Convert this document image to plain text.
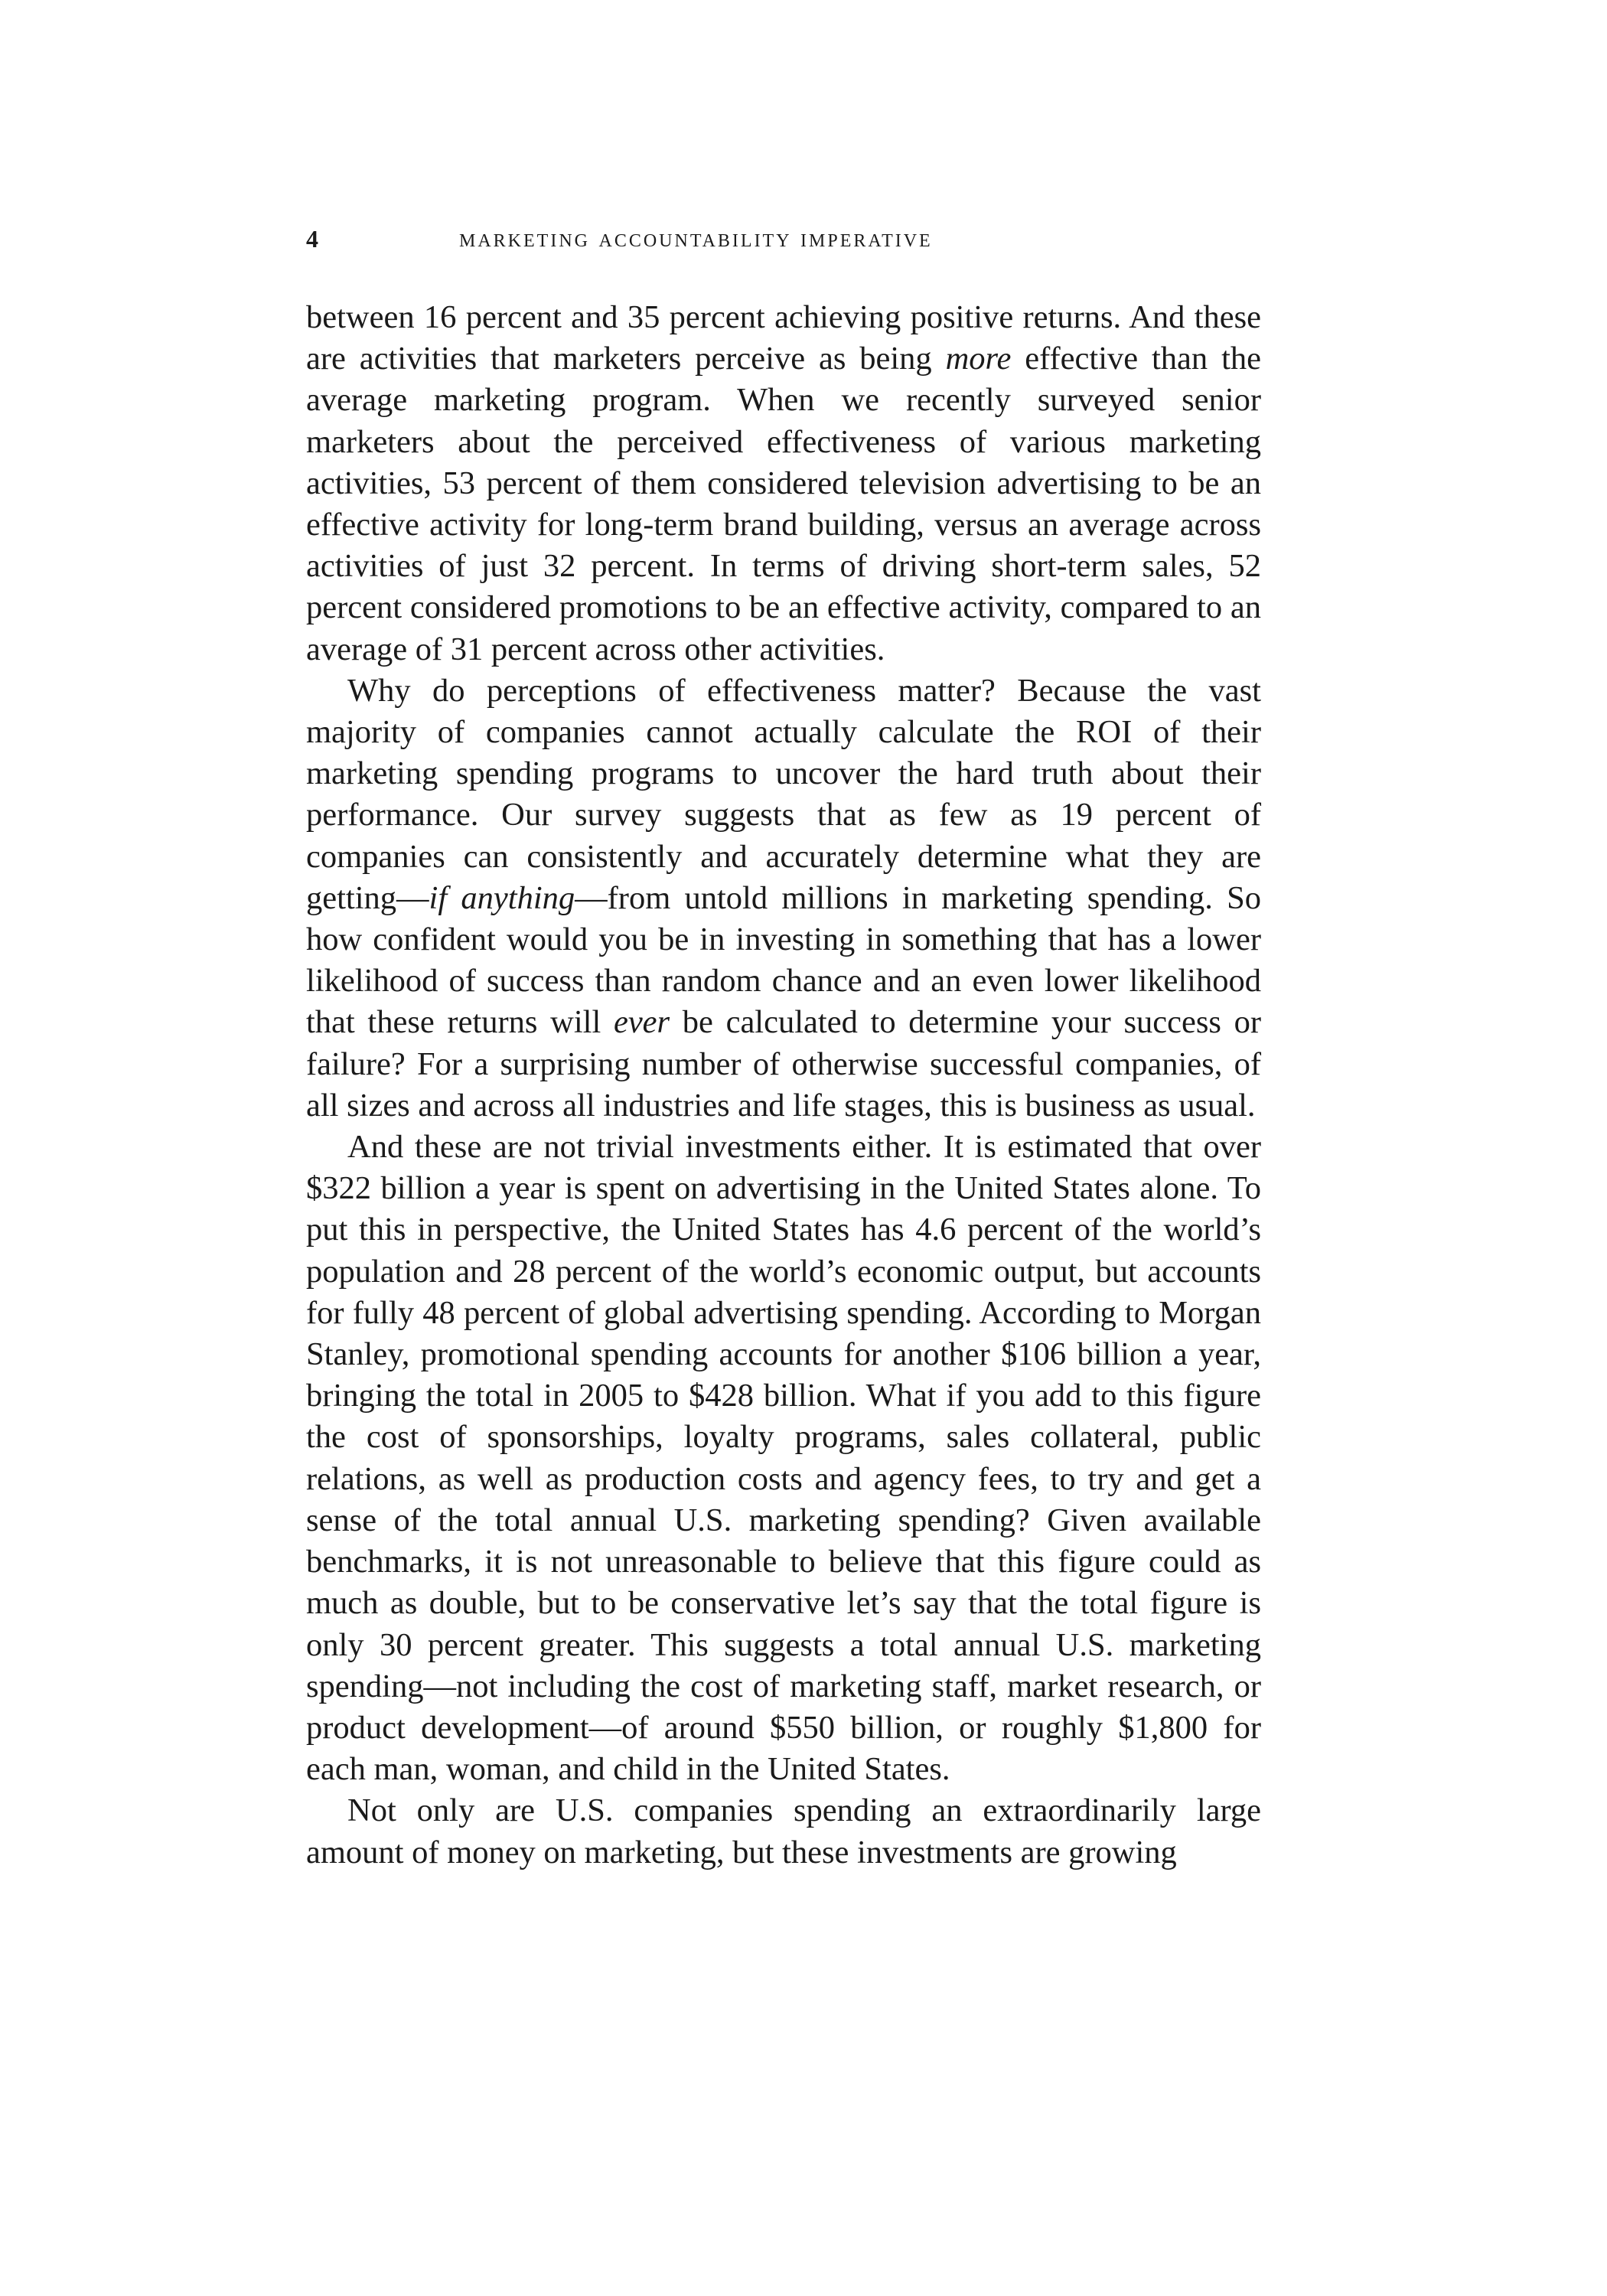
4	marketing accountability imperative

between 16 percent and 35 percent achieving positive returns. And these are activities that marketers perceive as being more effective than the average marketing program. When we recently surveyed senior marketers about the perceived effectiveness of various marketing activities, 53 percent of them considered television advertising to be an effective activity for long-term brand building, versus an average across activities of just 32 percent. In terms of driving short-term sales, 52 percent considered promotions to be an effective activity, compared to an average of 31 percent across other activities.

Why do perceptions of effectiveness matter? Because the vast majority of companies cannot actually calculate the ROI of their marketing spending programs to uncover the hard truth about their performance. Our survey suggests that as few as 19 percent of companies can consistently and accurately determine what they are getting—if anything—from untold millions in marketing spending. So how confident would you be in investing in something that has a lower likelihood of success than random chance and an even lower likelihood that these returns will ever be calculated to determine your success or failure? For a surprising number of otherwise successful companies, of all sizes and across all industries and life stages, this is business as usual.

And these are not trivial investments either. It is estimated that over $322 billion a year is spent on advertising in the United States alone. To put this in perspective, the United States has 4.6 percent of the world’s population and 28 percent of the world’s economic output, but accounts for fully 48 percent of global advertising spending. According to Morgan Stanley, promotional spending accounts for another $106 billion a year, bringing the total in 2005 to $428 billion. What if you add to this figure the cost of sponsorships, loyalty programs, sales collateral, public relations, as well as production costs and agency fees, to try and get a sense of the total annual U.S. marketing spending? Given available benchmarks, it is not unreasonable to believe that this figure could as much as double, but to be conservative let’s say that the total figure is only 30 percent greater. This suggests a total annual U.S. marketing spending—not including the cost of marketing staff, market research, or product development—of around $550 billion, or roughly $1,800 for each man, woman, and child in the United States.

Not only are U.S. companies spending an extraordinarily large amount of money on marketing, but these investments are growing
